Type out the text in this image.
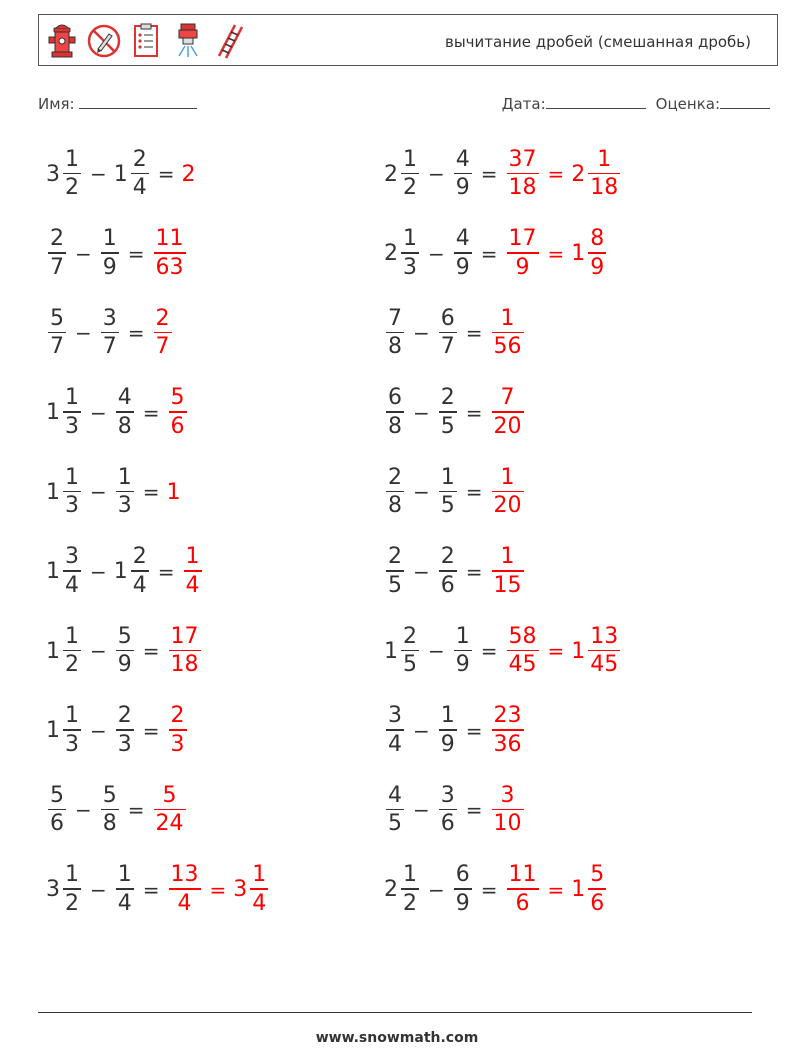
вычитание дробей (смешанная дробь)
Имя:	Дата:	Оценка:
$3 \frac{1}{2} - 1 \frac{2}{4} = 2$	$2 \frac{1}{2} - \frac{4}{9} = \frac{37}{18} = 2 \frac{1}{18}$
$\frac{2}{7} - \frac{1}{9} = \frac{11}{63}$	$2 \frac{1}{3} - \frac{4}{9} = \frac{17}{9} = 1 \frac{8}{9}$
$\frac{5}{7} - \frac{3}{7} = \frac{2}{7}$	$\frac{7}{8} - \frac{6}{7} = \frac{1}{56}$
$1 \frac{1}{3} - \frac{4}{8} = \frac{5}{6}$	$\frac{6}{8} - \frac{2}{5} = \frac{7}{20}$
$1 \frac{1}{3} - \frac{1}{3} = 1$	$\frac{2}{8} - \frac{1}{5} = \frac{1}{20}$
$1 \frac{3}{4} - 1 \frac{2}{4} = \frac{1}{4}$	$\frac{2}{5} - \frac{2}{6} = \frac{1}{15}$
$1 \frac{1}{2} - \frac{5}{9} = \frac{17}{18}$	$1 \frac{2}{5} - \frac{1}{9} = \frac{58}{45} = 1 \frac{13}{45}$
$1 \frac{1}{3} - \frac{2}{3} = \frac{2}{3}$	$\frac{3}{4} - \frac{1}{9} = \frac{23}{36}$
$\frac{5}{6} - \frac{5}{8} = \frac{5}{24}$	$\frac{4}{5} - \frac{3}{6} = \frac{3}{10}$
$3 \frac{1}{2} - \frac{1}{4} = \frac{13}{4} = 3 \frac{1}{4}$	$2 \frac{1}{2} - \frac{6}{9} = \frac{11}{6} = 1 \frac{5}{6}$
www.snowmath.com
